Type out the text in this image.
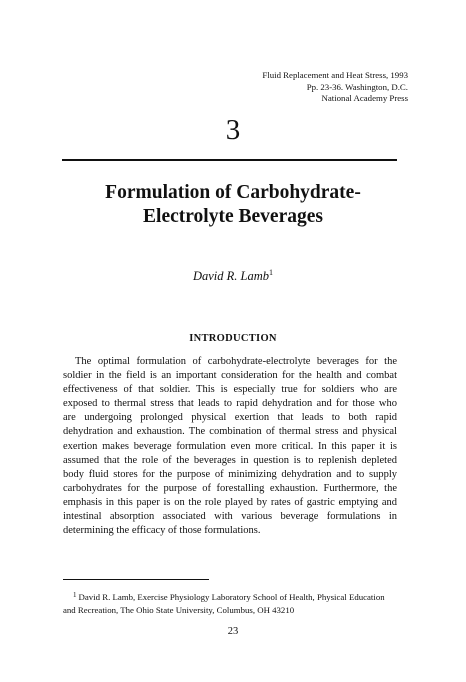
Fluid Replacement and Heat Stress, 1993
Pp. 23-36. Washington, D.C.
National Academy Press
3
Formulation of Carbohydrate-
Electrolyte Beverages
David R. Lamb$^1$
INTRODUCTION
The optimal formulation of carbohydrate-electrolyte beverages for the
soldier in the field is an important consideration for the health and combat
effectiveness of that soldier. This is especially true for soldiers who are
exposed to thermal stress that leads to rapid dehydration and for those who
are undergoing prolonged physical exertion that leads to both rapid
dehydration and exhaustion. The combination of thermal stress and physical
exertion makes beverage formulation even more critical. In this paper it is
assumed that the role of the beverages in question is to replenish depleted
body fluid stores for the purpose of minimizing dehydration and to supply
carbohydrates for the purpose of forestalling exhaustion. Furthermore, the
emphasis in this paper is on the role played by rates of gastric emptying and
intestinal absorption associated with various beverage formulations in
determining the efficacy of those formulations.
$^1$ David R. Lamb, Exercise Physiology Laboratory School of Health, Physical Education
and Recreation, The Ohio State University, Columbus, OH 43210
23
